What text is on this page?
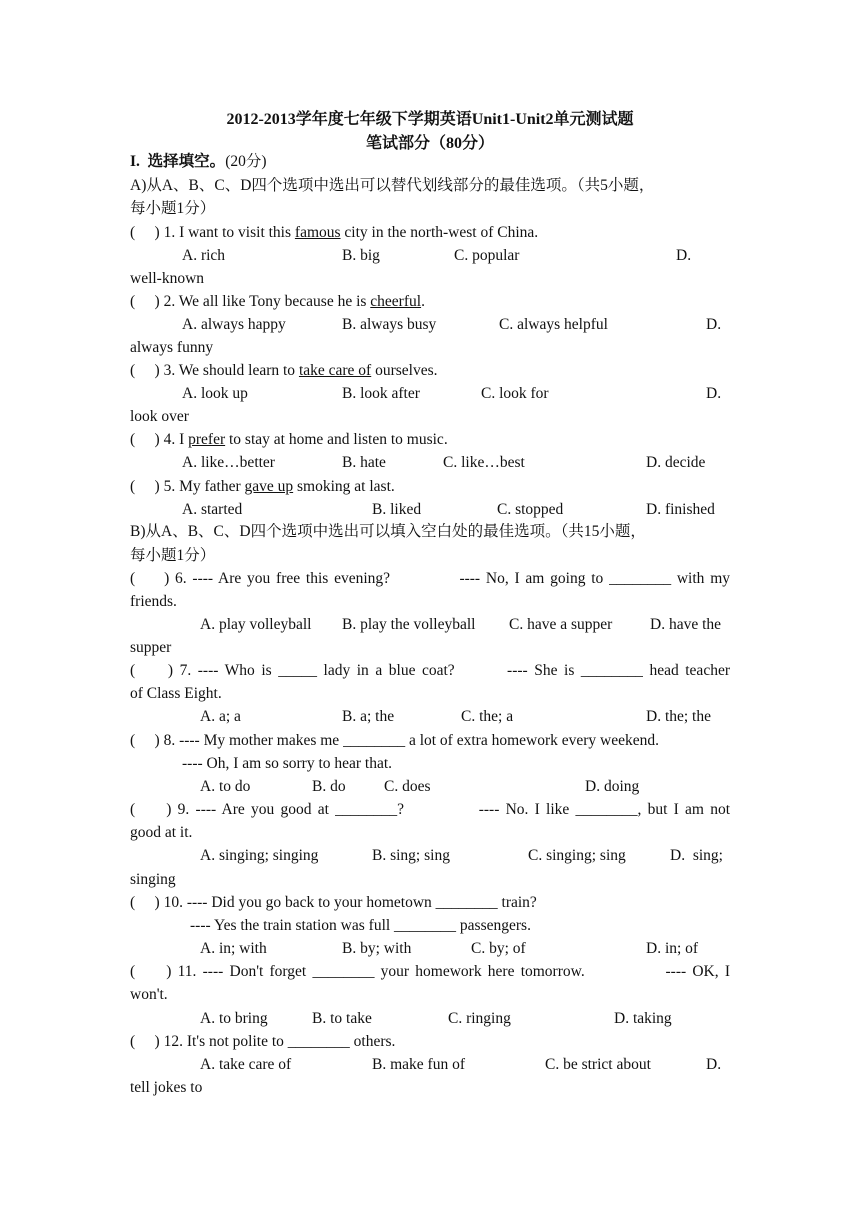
2012-2013学年度七年级下学期英语Unit1-Unit2单元测试题
笔试部分（80分）
I. 选择填空。(20分)
A)从A、B、C、D四个选项中选出可以替代划线部分的最佳选项。（共5小题，
每小题1分）
(     ) 1. I want to visit this famous city in the north-west of China.
A. rich	B. big	C. popular	D.
well-known
(     ) 2. We all like Tony because he is cheerful.
A. always happy	B. always busy	C. always helpful	D.
always funny
(     ) 3. We should learn to take care of ourselves.
A. look up	B. look after	C. look for	D.
look over
(     ) 4. I prefer to stay at home and listen to music.
A. like…better	B. hate	C. like…best	D. decide
(     ) 5. My father gave up smoking at last.
A. started	B. liked	C. stopped	D. finished
B)从A、B、C、D四个选项中选出可以填入空白处的最佳选项。（共15小题，
每小题1分）
(     ) 6. ---- Are you free this evening?            ---- No, I am going to ________ with my
friends.
A. play volleyball B. play the volleyball C. have a supper D. have the
supper
(     ) 7. ---- Who is _____ lady in a blue coat?        ---- She is ________ head teacher
of Class Eight.
A. a; a	B. a; the	C. the; a	D. the; the
(     ) 8. ---- My mother makes me ________ a lot of extra homework every weekend.
---- Oh, I am so sorry to hear that.
A. to do	B. do C. does	D. doing
(     ) 9. ---- Are you good at ________?            ---- No. I like ________, but I am not
good at it.
A. singing; singing	B. sing; sing	C. singing; sing	D.  sing;
singing
(     ) 10. ---- Did you go back to your hometown ________ train?
---- Yes the train station was full ________ passengers.
A. in; with	B. by; with	C. by; of	D. in; of
(     ) 11. ---- Don't forget ________ your homework here tomorrow.             ---- OK, I
won't.
A. to bring	B. to take	C. ringing	D. taking
(     ) 12. It's not polite to ________ others.
A. take care of	B. make fun of	C. be strict about	D.
tell jokes to
